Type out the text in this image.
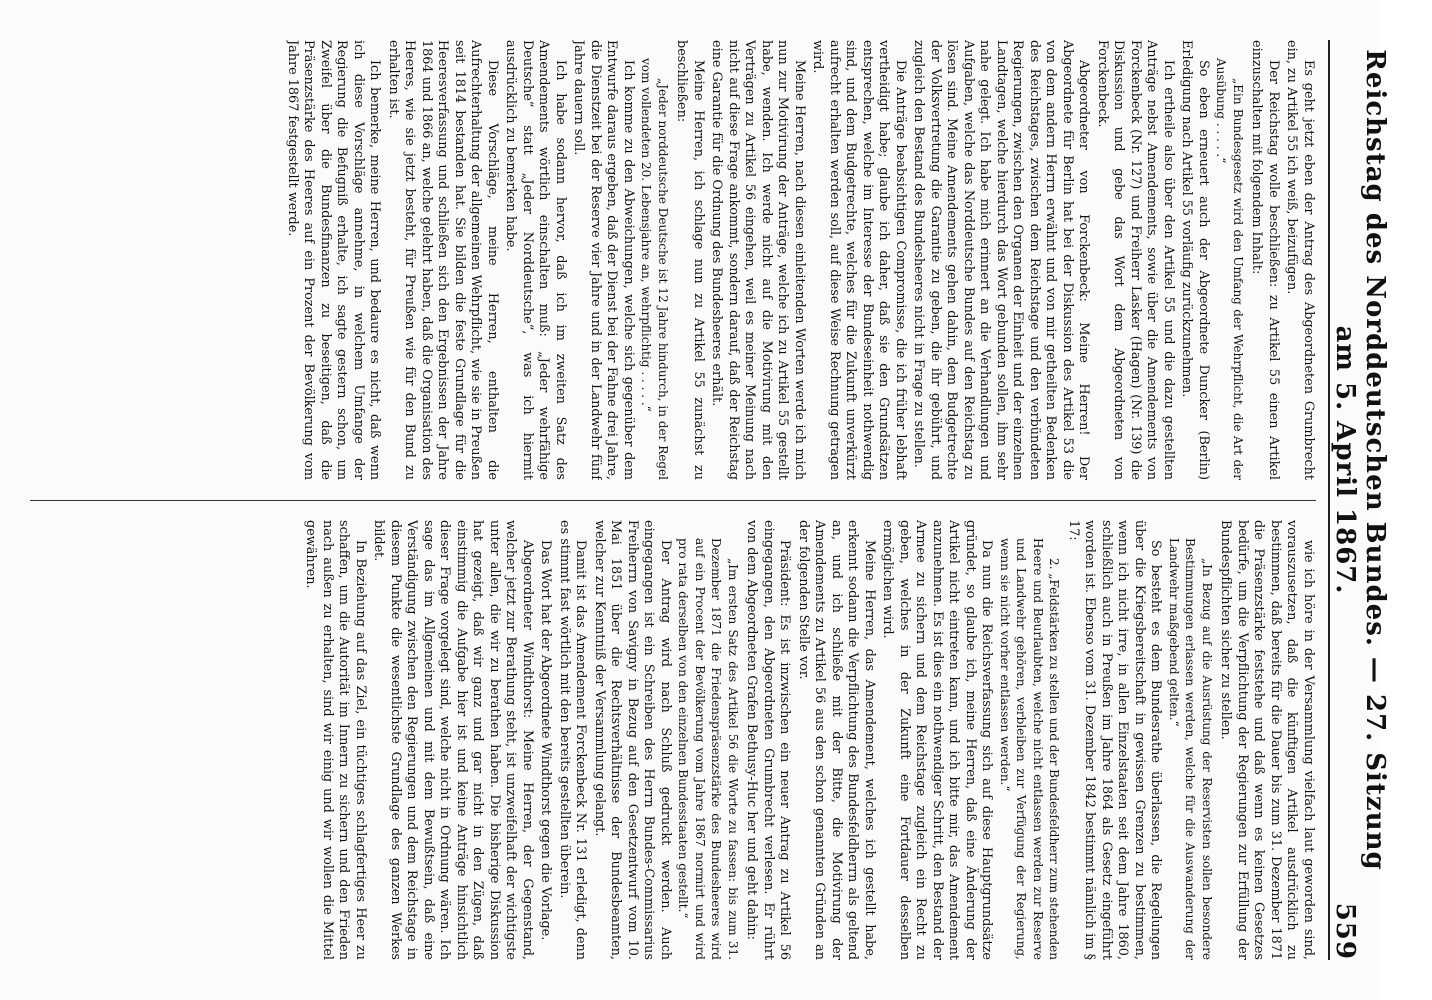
Reichstag des Norddeutschen Bundes. — 27. Sitzung am 5. April 1867.
559

Es geht jetzt eben der Antrag des Abgeordneten Grumbrecht ein, zu Artikel 55 ich weiß, beizufügen.

Der Reichstag wolle beschließen: zu Artikel 55 einen Artikel einzuschalten mit folgendem Inhalt:

„Ein Bundesgesetz wird den Umfang der Wehrpflicht, die Art der Ausübung . . . . .“

So eben erneuert auch der Abgeordnete Duncker (Berlin) Erledigung nach Artikel 55 vorläufig zurückzunehmen.

Ich ertheile also über den Artikel 55 und die dazu gestellten Anträge nebst Amendements, sowie über die Amendements von Forckenbeck (Nr. 127) und Freiherr Lasker (Hagen) (Nr. 139) die Diskussion und gebe das Wort dem Abgeordneten von Forckenbeck.

Abgeordneter von Forckenbeck: Meine Herren! Der Abgeordnete für Berlin hat bei der Diskussion des Artikel 53 die von dem andern Herrn erwähnt und von mir getheilten Bedenken des Reichstages, zwischen dem Reichstage und den verbündeten Regierungen, zwischen den Organen der Einheit und der einzelnen Landtagen, welche hierdurch das Wort gebunden sollen, ihm sehr nahe gelegt. Ich habe mich erinnert an die Verhandlungen und Aufgaben, welche das Norddeutsche Bundes auf den Reichstag zu lösen sind. Meine Amendements gehen dahin, dem Budgetrechte der Volksvertretung die Garantie zu geben, die ihr gebührt, und zugleich den Bestand des Bundesheeres nicht in Frage zu stellen.

Die Anträge beabsichtigen Compromisse, die ich früher lebhaft vertheidigt habe; glaube ich daher, daß sie den Grundsätzen entsprechen, welche im Interesse der Bundeseinheit nothwendig sind, und dem Budgetrechte, welches für die Zukunft unverkürzt aufrecht erhalten werden soll, auf diese Weise Rechnung getragen wird.

Meine Herren, nach diesen einleitenden Worten werde ich mich nun zur Motivirung der Anträge, welche ich zu Artikel 55 gestellt habe, wenden. Ich werde nicht auf die Motivirung mit den Verträgen zu Artikel 56 eingehen, weil es meiner Meinung nach nicht auf diese Frage ankommt, sondern darauf, daß der Reichstag eine Garantie für die Ordnung des Bundesheeres erhält.

Meine Herren, ich schlage nun zu Artikel 55 zunächst zu beschließen:

„Jeder norddeutsche Deutsche ist 12 Jahre hindurch, in der Regel vom vollendeten 20. Lebensjahre an, wehrpflichtig . . . . .“

Ich komme zu den Abweichungen, welche sich gegenüber dem Entwurfe daraus ergeben, daß der Dienst bei der Fahne drei Jahre, die Dienstzeit bei der Reserve vier Jahre und in der Landwehr fünf Jahre dauern soll.

Ich habe sodann hervor, daß ich im zweiten Satz des Amendements wörtlich einschalten muß: „Jeder wehrfähige Deutsche“ statt „Jeder Norddeutsche“, was ich hiermit ausdrücklich zu bemerken habe.

Diese Vorschläge, meine Herren, enthalten die Aufrechterhaltung der allgemeinen Wehrpflicht, wie sie in Preußen seit 1814 bestanden hat. Sie bilden die feste Grundlage für die Heeresverfassung und schließen sich den Ergebnissen der Jahre 1864 und 1866 an, welche gelehrt haben, daß die Organisation des Heeres, wie sie jetzt besteht, für Preußen wie für den Bund zu erhalten ist.

Ich bemerke, meine Herren, und bedaure es nicht, daß wenn ich diese Vorschläge annehme, in welchem Umfange der Regierung die Befugniß erhalte, ich sagte gestern schon, um Zweifel über die Bundesfinanzen zu beseitigen, daß die Präsenzstärke des Heeres auf ein Prozent der Bevölkerung vom Jahre 1867 festgestellt werde.

wie ich höre in der Versammlung vielfach laut geworden sind, vorauszusetzen, daß die künftigen Artikel ausdrücklich zu bestimmen, daß bereits für die Dauer bis zum 31. Dezember 1871 die Präsenzstärke feststehe und daß wenn es keinen Gesetzes bedürfe, um die Verpflichtung der Regierungen zur Erfüllung der Bundespflichten sicher zu stellen.

„In Bezug auf die Ausrüstung der Reservisten sollen besondere Bestimmungen erlassen werden, welche für die Auswanderung der Landwehr maßgebend gelten.“

So besteht es dem Bundesrathe überlassen, die Regelungen über die Kriegsbereitschaft in gewissen Grenzen zu bestimmen, wenn ich nicht irre, in allen Einzelstaaten seit dem Jahre 1860, schließlich auch in Preußen im Jahre 1864 als Gesetz eingeführt worden ist. Ebenso vom 31. Dezember 1842 bestimmt nämlich im § 17:

2. „Feldstärken zu stellen und der Bundesfeldherr zum stehenden Heere und Beurlaubten, welche nicht entlassen werden zur Reserve und Landwehr gehören, verbleiben zur Verfügung der Regierung, wenn sie nicht vorher entlassen werden.“

Da nun die Reichsverfassung sich auf diese Hauptgrundsätze gründet, so glaube ich, meine Herren, daß eine Änderung der Artikel nicht eintreten kann, und ich bitte mir, das Amendement anzunehmen. Es ist dies ein nothwendiger Schritt, den Bestand der Armee zu sichern und dem Reichstage zugleich ein Recht zu geben, welches in der Zukunft eine Fortdauer desselben ermöglichen wird.

Meine Herren, das Amendement, welches ich gestellt habe, erkennt sodann die Verpflichtung des Bundesfeldherrn als geltend an, und ich schließe mit der Bitte, die Motivirung der Amendements zu Artikel 56 aus den schon genannten Gründen an der folgenden Stelle vor.

Präsident: Es ist inzwischen ein neuer Antrag zu Artikel 56 eingegangen, den Abgeordneten Grumbrecht verlesen. Er rührt von dem Abgeordneten Grafen Bethusy-Huc her und geht dahin:

„Im ersten Satz des Artikel 56 die Worte zu fassen: bis zum 31. Dezember 1871 die Friedenspräsenzstärke des Bundesheeres wird auf ein Procent der Bevölkerung vom Jahre 1867 normirt und wird pro rata derselben von den einzelnen Bundesstaaten gestellt.“

Der Antrag wird nach Schluß gedruckt werden. Auch eingegangen ist ein Schreiben des Herrn Bundes-Commissarius Freiherrn von Savigny in Bezug auf den Gesetzentwurf vom 10. Mai 1851 über die Rechtsverhältnisse der Bundesbeamten, welcher zur Kenntniß der Versammlung gelangt.

Damit ist das Amendement Forckenbeck Nr. 131 erledigt, denn es stimmt fast wörtlich mit den bereits gestellten überein.

Das Wort hat der Abgeordnete Windthorst gegen die Vorlage.

Abgeordneter Windthorst: Meine Herren, der Gegenstand, welcher jetzt zur Berathung steht, ist unzweifelhaft der wichtigste unter allen, die wir zu berathen haben. Die bisherige Diskussion hat gezeigt, daß wir ganz und gar nicht in den Zügen, daß einstimmig die Aufgabe hier ist und keine Anträge hinsichtlich dieser Frage vorgelegt sind, welche nicht in Ordnung wären. Ich sage das im Allgemeinen und mit dem Bewußtsein, daß eine Verständigung zwischen den Regierungen und dem Reichstage in diesem Punkte die wesentlichste Grundlage des ganzen Werkes bildet.

In Beziehung auf das Ziel, ein tüchtiges schlagfertiges Heer zu schaffen, um die Autorität im Innern zu sichern und den Frieden nach außen zu erhalten, sind wir einig und wir wollen die Mittel gewähren.
